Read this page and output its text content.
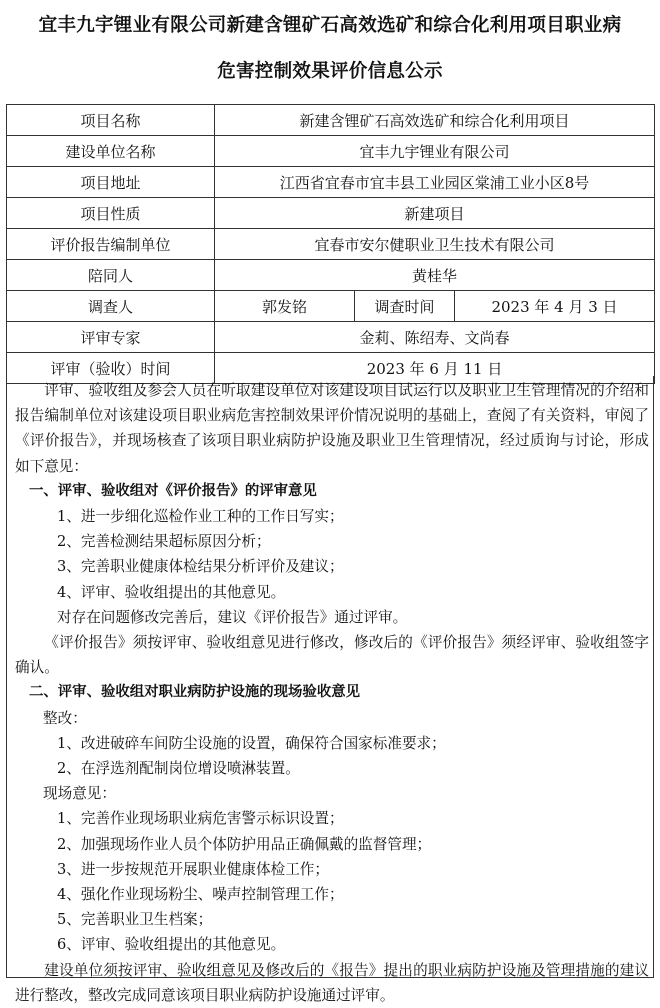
宜丰九宇锂业有限公司新建含锂矿石高效选矿和综合化利用项目职业病
危害控制效果评价信息公示
项目名称	新建含锂矿石高效选矿和综合化利用项目		
建设单位名称	宜丰九宇锂业有限公司		
项目地址	江西省宜春市宜丰县工业园区棠浦工业小区8号		
项目性质	新建项目		
评价报告编制单位	宜春市安尔健职业卫生技术有限公司		
陪同人	黄桂华		
调查人	郭发铭	调查时间	2023 年 4 月 3 日
评审专家	金莉、陈绍寿、文尚春		
评审（验收）时间	2023 年 6 月 11 日		

评审、验收组及参会人员在听取建设单位对该建设项目试运行以及职业卫生管理情况的介绍和报告编制单位对该建设项目职业病危害控制效果评价情况说明的基础上，查阅了有关资料，审阅了《评价报告》，并现场核查了该项目职业病防护设施及职业卫生管理情况，经过质询与讨论，形成如下意见：

一、评审、验收组对《评价报告》的评审意见

1、进一步细化巡检作业工种的工作日写实；

2、完善检测结果超标原因分析；

3、完善职业健康体检结果分析评价及建议；

4、评审、验收组提出的其他意见。

对存在问题修改完善后，建议《评价报告》通过评审。

《评价报告》须按评审、验收组意见进行修改，修改后的《评价报告》须经评审、验收组签字确认。

二、评审、验收组对职业病防护设施的现场验收意见

整改：

1、改进破碎车间防尘设施的设置，确保符合国家标准要求；

2、在浮选剂配制岗位增设喷淋装置。

现场意见：

1、完善作业现场职业病危害警示标识设置；

2、加强现场作业人员个体防护用品正确佩戴的监督管理；

3、进一步按规范开展职业健康体检工作；

4、强化作业现场粉尘、噪声控制管理工作；

5、完善职业卫生档案；

6、评审、验收组提出的其他意见。

建设单位须按评审、验收组意见及修改后的《报告》提出的职业病防护设施及管理措施的建议进行整改，整改完成同意该项目职业病防护设施通过评审。
